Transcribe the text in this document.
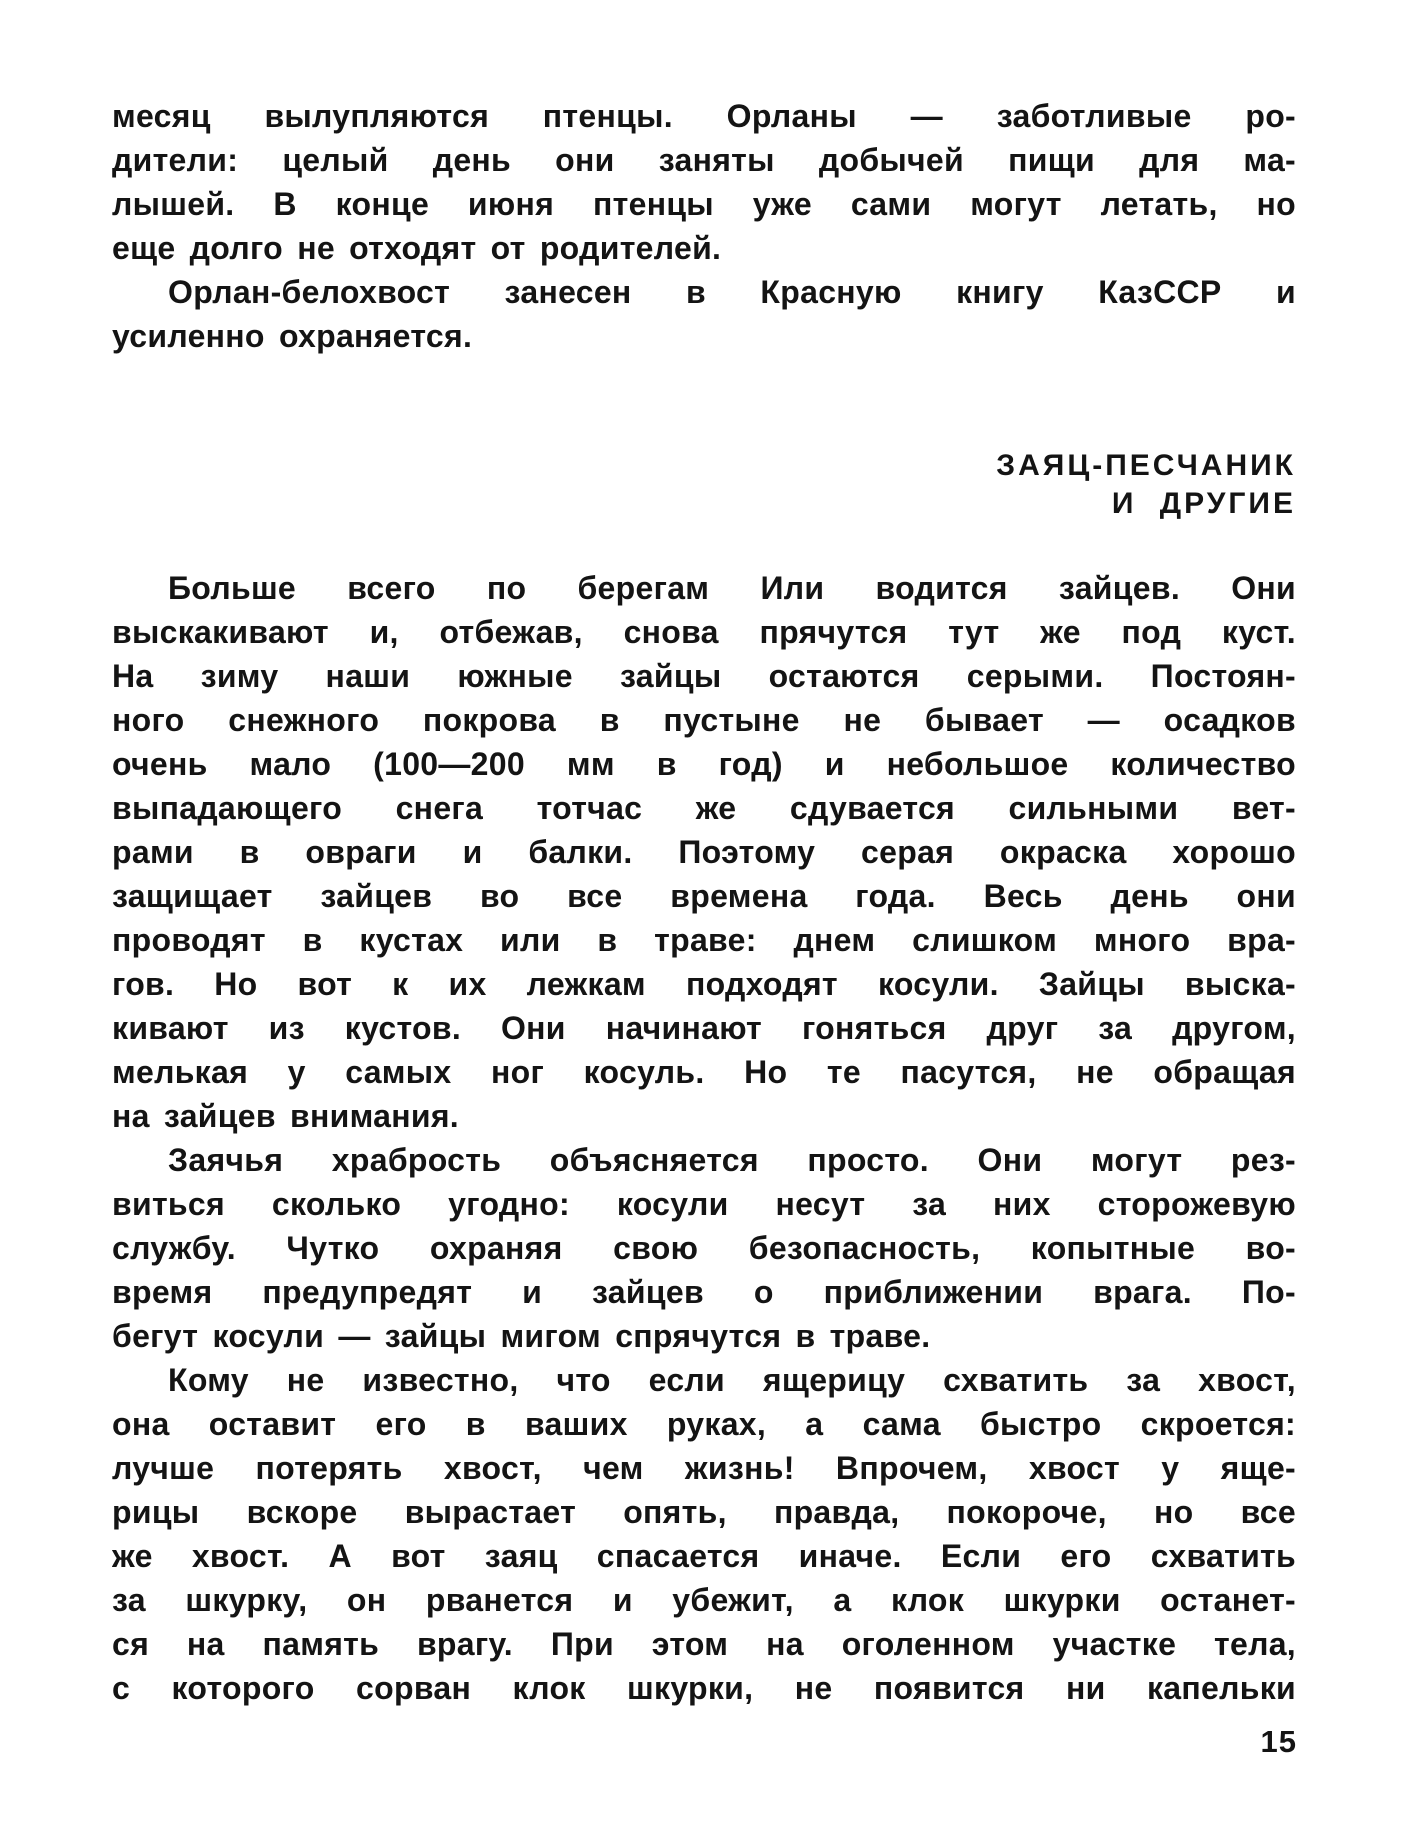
месяц вылупляются птенцы. Орланы — заботливые ро-
дители: целый день они заняты добычей пищи для ма-
лышей. В конце июня птенцы уже сами могут летать, но
еще долго не отходят от родителей.
Орлан-белохвост занесен в Красную книгу КазССР и
усиленно охраняется.
ЗАЯЦ-ПЕСЧАНИК
И ДРУГИЕ
Больше всего по берегам Или водится зайцев. Они
выскакивают и, отбежав, снова прячутся тут же под куст.
На зиму наши южные зайцы остаются серыми. Постоян-
ного снежного покрова в пустыне не бывает — осадков
очень мало (100—200 мм в год) и небольшое количество
выпадающего снега тотчас же сдувается сильными вет-
рами в овраги и балки. Поэтому серая окраска хорошо
защищает зайцев во все времена года. Весь день они
проводят в кустах или в траве: днем слишком много вра-
гов. Но вот к их лежкам подходят косули. Зайцы выска-
кивают из кустов. Они начинают гоняться друг за другом,
мелькая у самых ног косуль. Но те пасутся, не обращая
на зайцев внимания.
Заячья храбрость объясняется просто. Они могут рез-
виться сколько угодно: косули несут за них сторожевую
службу. Чутко охраняя свою безопасность, копытные во-
время предупредят и зайцев о приближении врага. По-
бегут косули — зайцы мигом спрячутся в траве.
Кому не известно, что если ящерицу схватить за хвост,
она оставит его в ваших руках, а сама быстро скроется:
лучше потерять хвост, чем жизнь! Впрочем, хвост у яще-
рицы вскоре вырастает опять, правда, покороче, но все
же хвост. А вот заяц спасается иначе. Если его схватить
за шкурку, он рванется и убежит, а клок шкурки останет-
ся на память врагу. При этом на оголенном участке тела,
с которого сорван клок шкурки, не появится ни капельки
15
